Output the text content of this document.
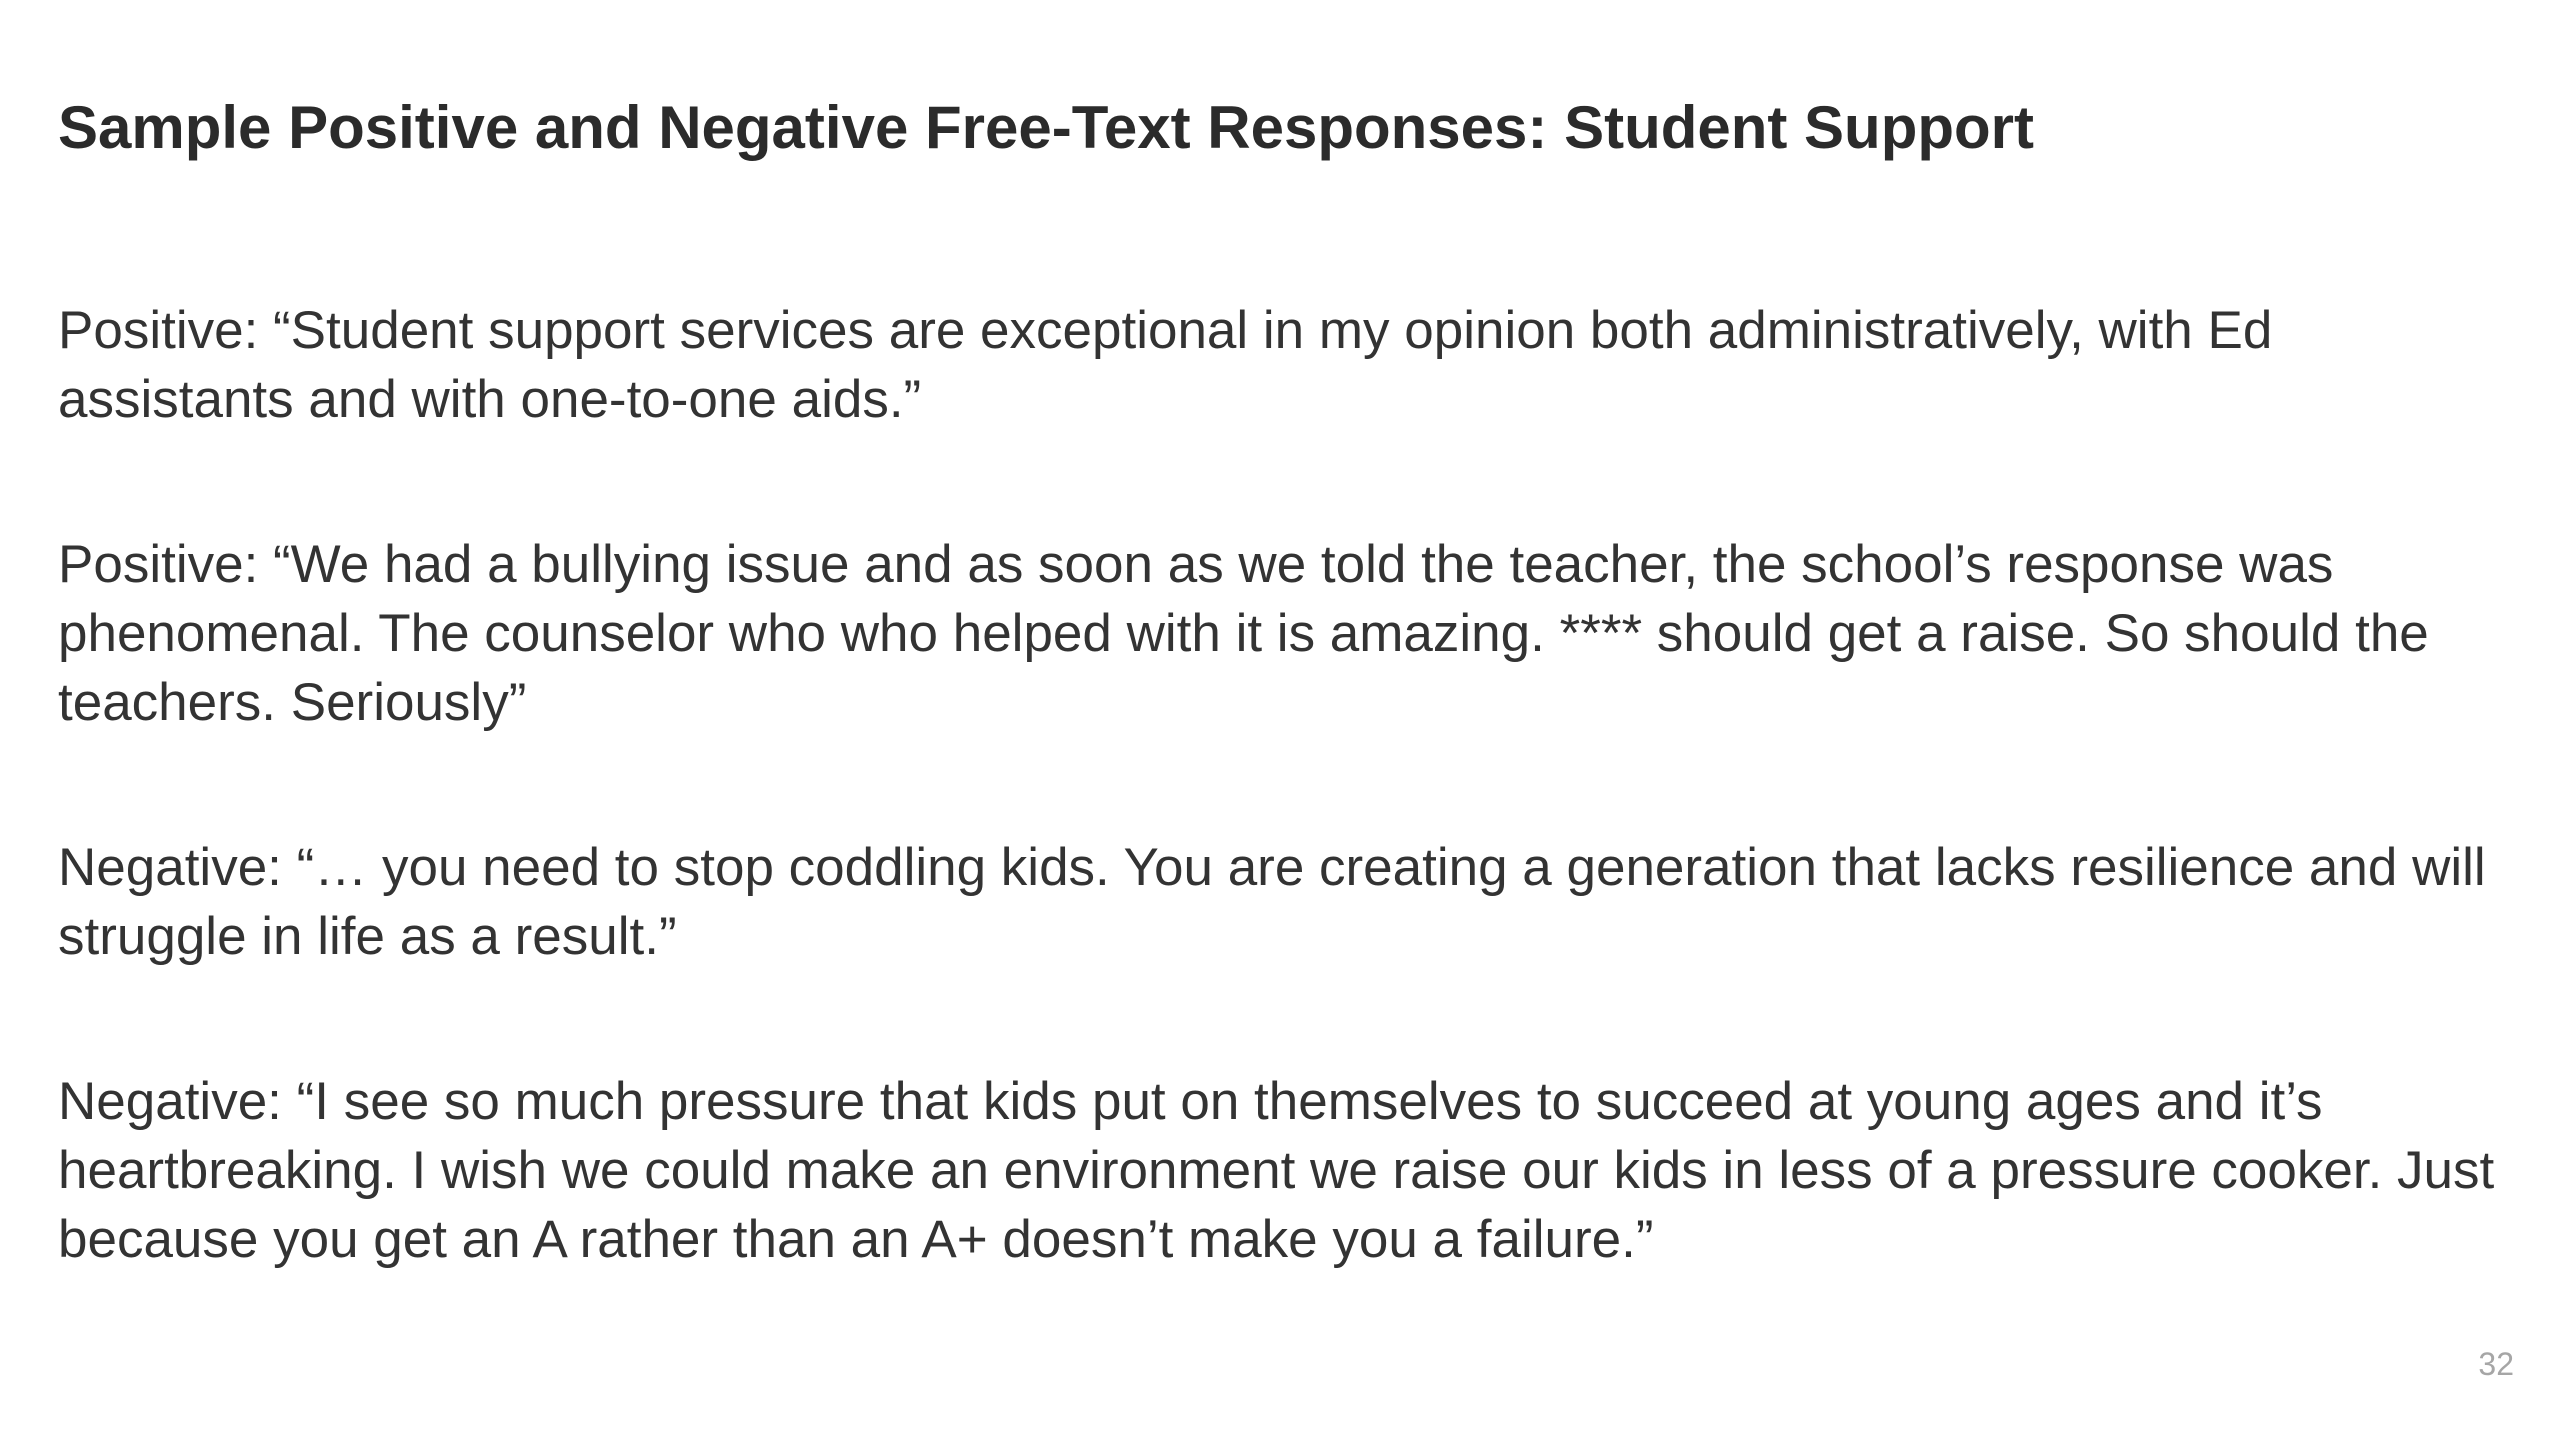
Sample Positive and Negative Free-Text Responses: Student Support

Positive: “Student support services are exceptional in my opinion both administratively, with Ed assistants and with one-to-one aids.”

Positive: “We had a bullying issue and as soon as we told the teacher, the school’s response was phenomenal. The counselor who who helped with it is amazing. **** should get a raise. So should the teachers. Seriously”

Negative: “… you need to stop coddling kids. You are creating a generation that lacks resilience and will struggle in life as a result.”

Negative: “I see so much pressure that kids put on themselves to succeed at young ages and it’s heartbreaking. I wish we could make an environment we raise our kids in less of a pressure cooker. Just because you get an A rather than an A+ doesn’t make you a failure.”

32
